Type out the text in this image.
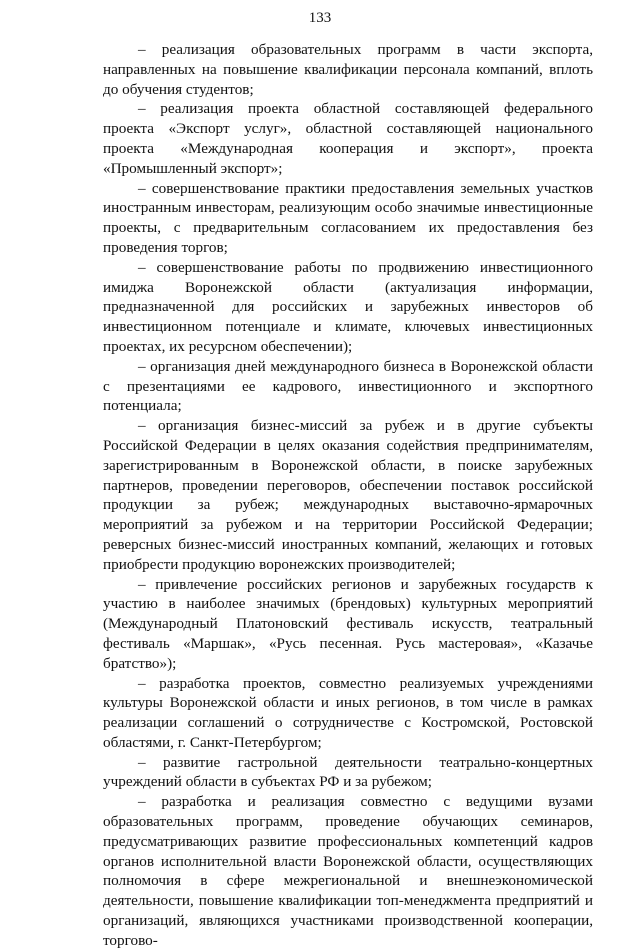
133

– реализация образовательных программ в части экспорта, направленных на повышение квалификации персонала компаний, вплоть до обучения студентов;

– реализация проекта областной составляющей федерального проекта «Экспорт услуг», областной составляющей национального проекта «Международная кооперация и экспорт», проекта «Промышленный экспорт»;

– совершенствование практики предоставления земельных участков иностранным инвесторам, реализующим особо значимые инвестиционные проекты, с предварительным согласованием их предоставления без проведения торгов;

– совершенствование работы по продвижению инвестиционного имиджа Воронежской области (актуализация информации, предназначенной для российских и зарубежных инвесторов об инвестиционном потенциале и климате, ключевых инвестиционных проектах, их ресурсном обеспечении);

– организация дней международного бизнеса в Воронежской области с презентациями ее кадрового, инвестиционного и экспортного потенциала;

– организация бизнес-миссий за рубеж и в другие субъекты Российской Федерации в целях оказания содействия предпринимателям, зарегистрированным в Воронежской области, в поиске зарубежных партнеров, проведении переговоров, обеспечении поставок российской продукции за рубеж; международных выставочно-ярмарочных мероприятий за рубежом и на территории Российской Федерации; реверсных бизнес-миссий иностранных компаний, желающих и готовых приобрести продукцию воронежских производителей;

– привлечение российских регионов и зарубежных государств к участию в наиболее значимых (брендовых) культурных мероприятий (Международный Платоновский фестиваль искусств, театральный фестиваль «Маршак», «Русь песенная. Русь мастеровая», «Казачье братство»);

– разработка проектов, совместно реализуемых учреждениями культуры Воронежской области и иных регионов, в том числе в рамках реализации соглашений о сотрудничестве с Костромской, Ростовской областями, г. Санкт-Петербургом;

– развитие гастрольной деятельности театрально-концертных учреждений области в субъектах РФ и за рубежом;

– разработка и реализация совместно с ведущими вузами образовательных программ, проведение обучающих семинаров, предусматривающих развитие профессиональных компетенций кадров органов исполнительной власти Воронежской области, осуществляющих полномочия в сфере межрегиональной и внешнеэкономической деятельности, повышение квалификации топ-менеджмента предприятий и организаций, являющихся участниками производственной кооперации, торгово-
